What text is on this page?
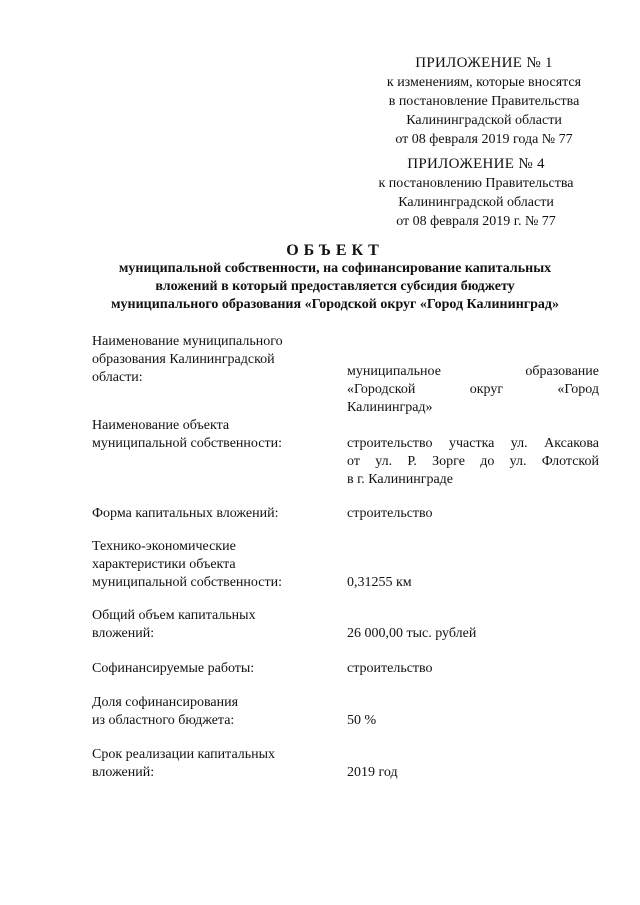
ПРИЛОЖЕНИЕ № 1
к изменениям, которые вносятся
в постановление Правительства
Калининградской области
от 08 февраля 2019 года № 77
ПРИЛОЖЕНИЕ № 4
к постановлению Правительства
Калининградской области
от 08 февраля 2019 г. № 77
ОБЪЕКТ
муниципальной собственности, на софинансирование капитальных
вложений в который предоставляется субсидия бюджету
муниципального образования «Городской округ «Город Калининград»
Наименование муниципального
образования Калининградской
области:	муниципальное образование
«Городской округ «Город
Калининград»
Наименование объекта
муниципальной собственности:	строительство участка ул. Аксакова
от ул. Р. Зорге до ул. Флотской
в г. Калининграде
Форма капитальных вложений:	строительство
Технико-экономические
характеристики объекта
муниципальной собственности:	0,31255 км
Общий объем капитальных
вложений:	26 000,00 тыс. рублей
Софинансируемые работы:	строительство
Доля софинансирования
из областного бюджета:	50 %
Срок реализации капитальных
вложений:	2019 год
